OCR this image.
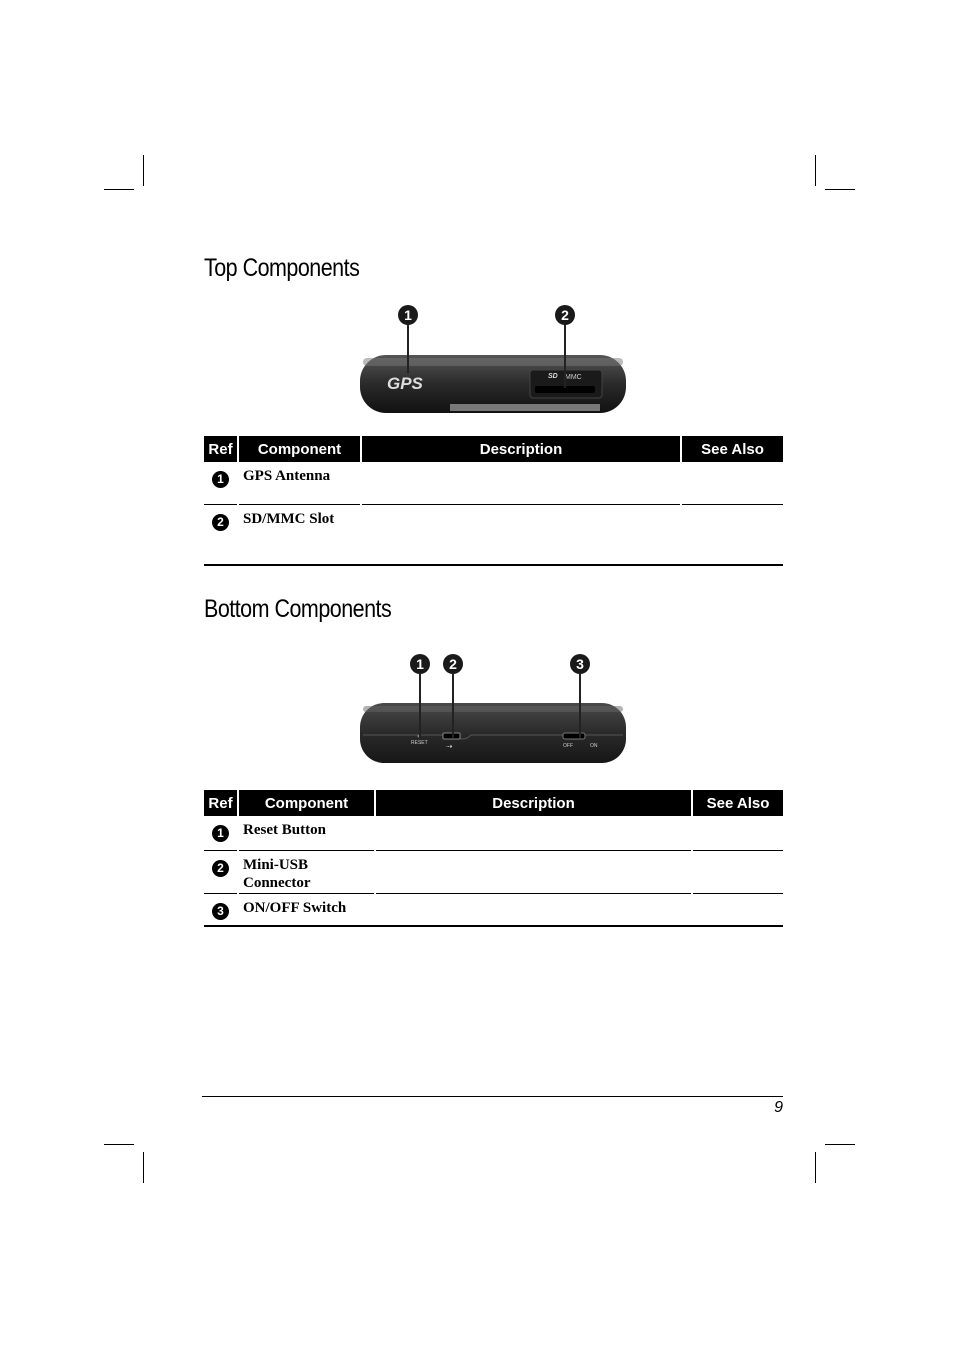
Top Components
GPS	SD MMC
1	2
Ref	Component	Description	See Also
1	GPS Antenna		
2	SD/MMC Slot		
Bottom Components
RESET ⇢	OFF	ON
1	2	3
Ref	Component	Description	See Also
1	Reset Button		
2	Mini-USB Connector		
3	ON/OFF Switch		
9
